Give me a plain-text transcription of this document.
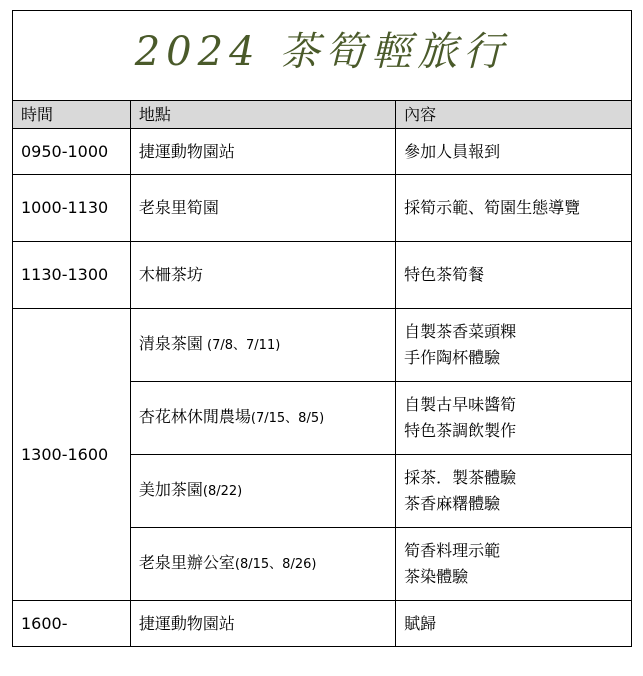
2024 茶筍輕旅行		
時間	地點	內容
0950-1000	捷運動物園站	參加人員報到
1000-1130	老泉里筍園	採筍示範、筍園生態導覽
1130-1300	木柵茶坊	特色茶筍餐
1300-1600	清泉茶園 (7/8、7/11)	自製茶香菜頭粿
手作陶杯體驗

	杏花林休閒農場(7/15、8/5)	自製古早味醬筍
特色茶調飲製作

	美加茶園(8/22)	採茶．製茶體驗
茶香麻糬體驗

	老泉里辦公室(8/15、8/26)	筍香料理示範
茶染體驗

1600-	捷運動物園站	賦歸
